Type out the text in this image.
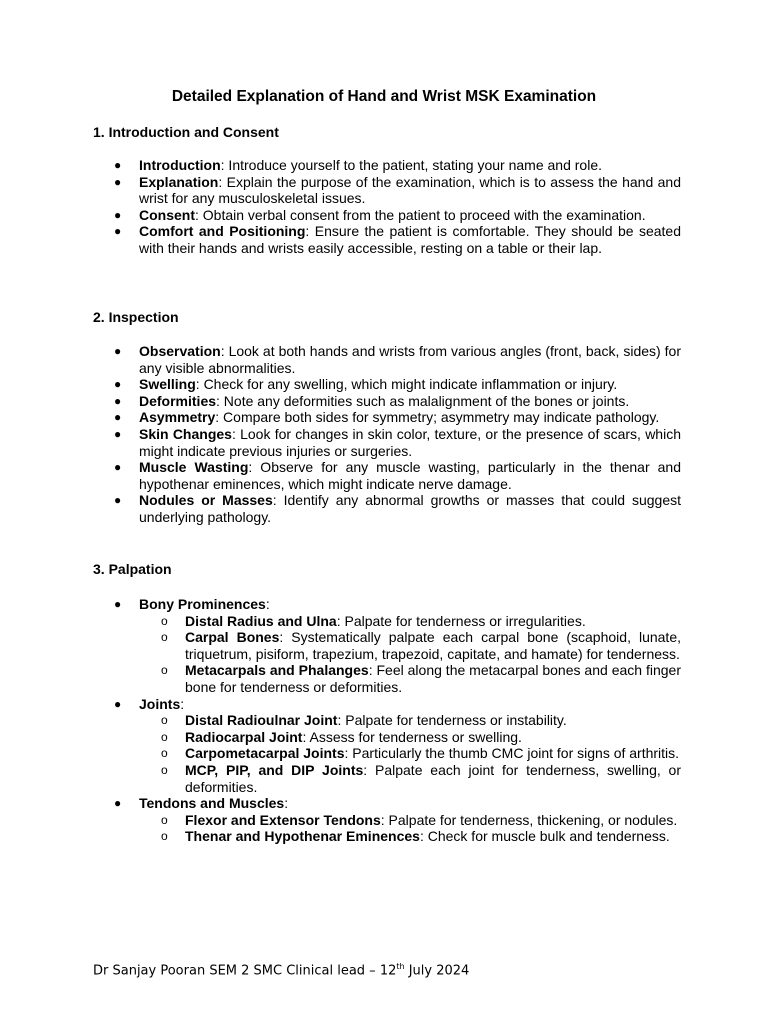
Detailed Explanation of Hand and Wrist MSK Examination

1. Introduction and Consent

● Introduction: Introduce yourself to the patient, stating your name and role.
● Explanation: Explain the purpose of the examination, which is to assess the hand and wrist for any musculoskeletal issues.
● Consent: Obtain verbal consent from the patient to proceed with the examination.
● Comfort and Positioning: Ensure the patient is comfortable. They should be seated with their hands and wrists easily accessible, resting on a table or their lap.

2. Inspection

● Observation: Look at both hands and wrists from various angles (front, back, sides) for any visible abnormalities.
● Swelling: Check for any swelling, which might indicate inflammation or injury.
● Deformities: Note any deformities such as malalignment of the bones or joints.
● Asymmetry: Compare both sides for symmetry; asymmetry may indicate pathology.
● Skin Changes: Look for changes in skin color, texture, or the presence of scars, which might indicate previous injuries or surgeries.
● Muscle Wasting: Observe for any muscle wasting, particularly in the thenar and hypothenar eminences, which might indicate nerve damage.
● Nodules or Masses: Identify any abnormal growths or masses that could suggest underlying pathology.

3. Palpation

● Bony Prominences:
o Distal Radius and Ulna: Palpate for tenderness or irregularities.
o Carpal Bones: Systematically palpate each carpal bone (scaphoid, lunate, triquetrum, pisiform, trapezium, trapezoid, capitate, and hamate) for tenderness.
o Metacarpals and Phalanges: Feel along the metacarpal bones and each finger bone for tenderness or deformities.
● Joints:
o Distal Radioulnar Joint: Palpate for tenderness or instability.
o Radiocarpal Joint: Assess for tenderness or swelling.
o Carpometacarpal Joints: Particularly the thumb CMC joint for signs of arthritis.
o MCP, PIP, and DIP Joints: Palpate each joint for tenderness, swelling, or deformities.
● Tendons and Muscles:
o Flexor and Extensor Tendons: Palpate for tenderness, thickening, or nodules.
o Thenar and Hypothenar Eminences: Check for muscle bulk and tenderness.
Dr Sanjay Pooran SEM 2 SMC Clinical lead – 12th July 2024
